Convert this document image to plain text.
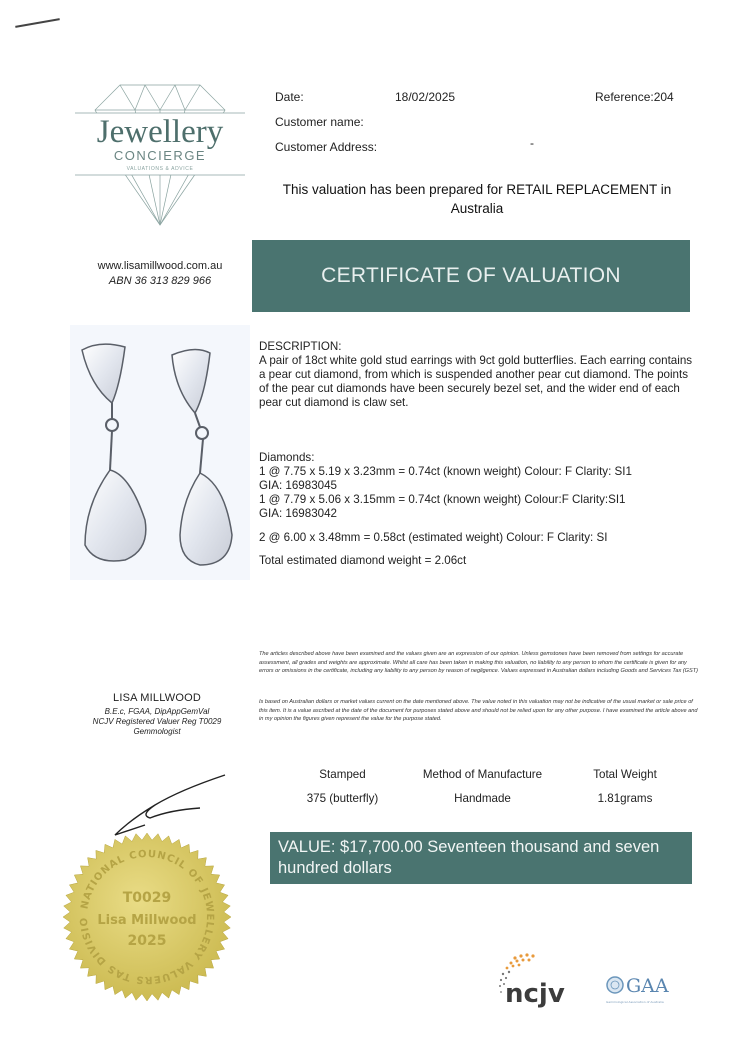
Jewellery
CONCIERGE
VALUATIONS & ADVICE
Date:	18/02/2025	Reference:204
Customer name:
Customer Address:	-
This valuation has been prepared for RETAIL REPLACEMENT in Australia
www.lisamillwood.com.au
ABN 36 313 829 966	CERTIFICATE OF VALUATION
DESCRIPTION:
A pair of 18ct white gold stud earrings with 9ct gold butterflies. Each earring contains a pear cut diamond, from which is suspended another pear cut diamond. The points of the pear cut diamonds have been securely bezel set, and the wider end of each pear cut diamond is claw set.
Diamonds:
1 @ 7.75 x 5.19 x 3.23mm = 0.74ct (known weight) Colour: F Clarity: SI1
GIA: 16983045
1 @ 7.79 x 5.06 x 3.15mm = 0.74ct (known weight) Colour:F Clarity:SI1
GIA: 16983042
2 @ 6.00 x 3.48mm = 0.58ct (estimated weight) Colour: F Clarity: SI
Total estimated diamond weight = 2.06ct
The articles described above have been examined and the values given are an expression of our opinion. Unless gemstones have been removed from settings for accurate assessment, all grades and weights are approximate. Whilst all care has been taken in making this valuation, no liability to any person to whom the certificate is given for any errors or omissions in the certificate, including any liability to any person by reason of negligence. Values expressed in Australian dollars including Goods and Services Tax (GST)
Is based on Australian dollars or market values current on the date mentioned above. The value noted in this valuation may not be indicative of the usual market or sale price of this item. It is a value ascribed at the date of the document for purposes stated above and should not be relied upon for any other purpose. I have examined the article above and in my opinion the figures given represent the value for the purpose stated.
LISA MILLWOOD
B.E.c, FGAA, DipAppGemVal
NCJV Registered Valuer Reg T0029
Gemmologist
NATIONAL COUNCIL OF JEWELLERY VALUERS TAS DIVISIO
T0029
Lisa Millwood
2025
Stamped	Method of Manufacture	Total Weight
375 (butterfly)	Handmade	1.81grams
VALUE: $17,700.00 Seventeen thousand and seven hundred dollars
ncjv	GAA
Gemmological Association of Australia
